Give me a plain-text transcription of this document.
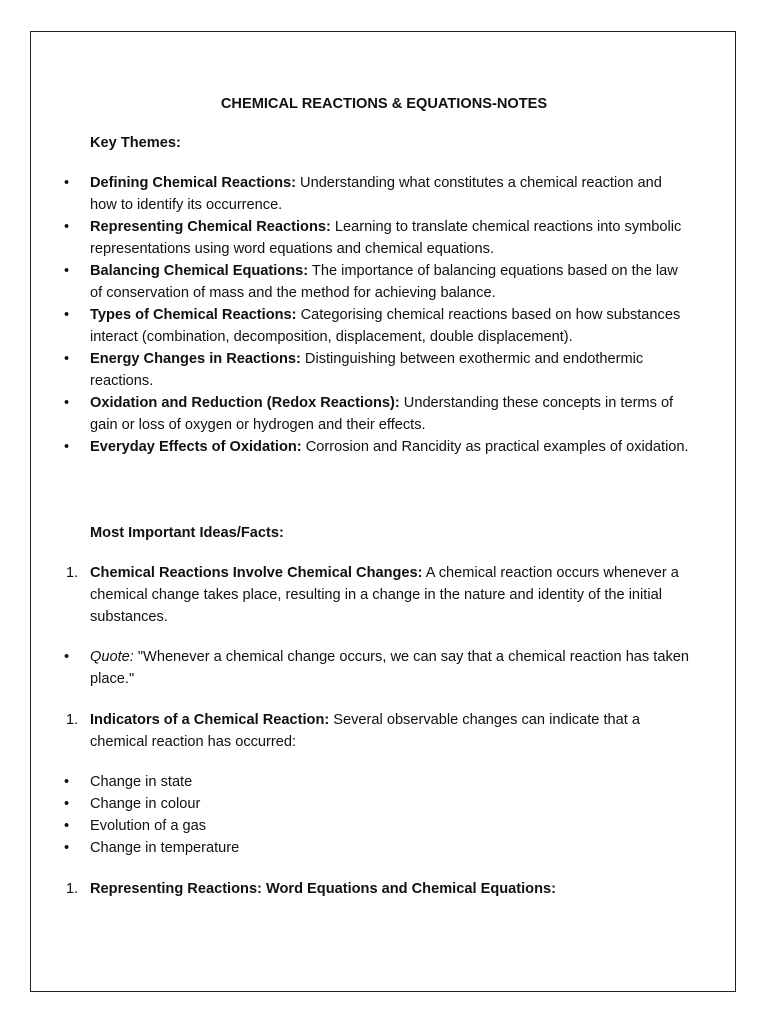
CHEMICAL REACTIONS & EQUATIONS-NOTES
Key Themes:
• Defining Chemical Reactions: Understanding what constitutes a chemical reaction and how to identify its occurrence.
• Representing Chemical Reactions: Learning to translate chemical reactions into symbolic representations using word equations and chemical equations.
• Balancing Chemical Equations: The importance of balancing equations based on the law of conservation of mass and the method for achieving balance.
• Types of Chemical Reactions: Categorising chemical reactions based on how substances interact (combination, decomposition, displacement, double displacement).
• Energy Changes in Reactions: Distinguishing between exothermic and endothermic reactions.
• Oxidation and Reduction (Redox Reactions): Understanding these concepts in terms of gain or loss of oxygen or hydrogen and their effects.
• Everyday Effects of Oxidation: Corrosion and Rancidity as practical examples of oxidation.
Most Important Ideas/Facts:
1. Chemical Reactions Involve Chemical Changes: A chemical reaction occurs whenever a chemical change takes place, resulting in a change in the nature and identity of the initial substances.
• Quote: "Whenever a chemical change occurs, we can say that a chemical reaction has taken place."
1. Indicators of a Chemical Reaction: Several observable changes can indicate that a chemical reaction has occurred:
• Change in state
• Change in colour
• Evolution of a gas
• Change in temperature
1. Representing Reactions: Word Equations and Chemical Equations:
